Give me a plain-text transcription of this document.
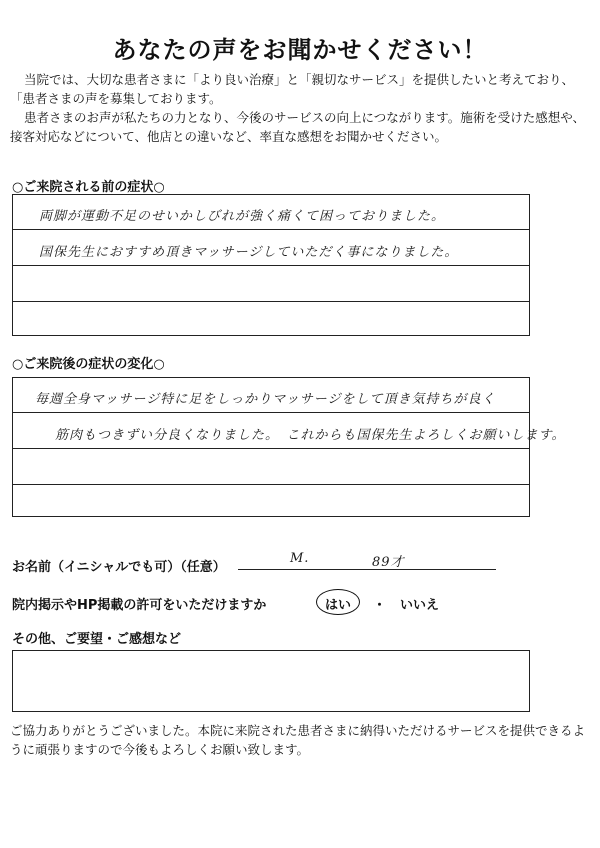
あなたの声をお聞かせください！

当院では、大切な患者さまに「より良い治療」と「親切なサービス」を提供したいと考えており、「患者さまの声を募集しております。

患者さまのお声が私たちの力となり、今後のサービスの向上につながります。施術を受けた感想や、接客対応などについて、他店との違いなど、率直な感想をお聞かせください。

○ご来院される前の症状○
両脚が運動不足のせいかしびれが強く痛くて困っておりました。
国保先生におすすめ頂きマッサージしていただく事になりました。
○ご来院後の症状の変化○
毎週全身マッサージ特に足をしっかりマッサージをして頂き気持ちが良く
筋肉もつきずい分良くなりました。　これからも国保先生よろしくお願いします。
お名前（イニシャルでも可）（任意）
M.	89才
院内掲示やHP掲載の許可をいただけますか	はい ・ いいえ
その他、ご要望・ご感想など
ご協力ありがとうございました。本院に来院された患者さまに納得いただけるサービスを提供できるように頑張りますので今後もよろしくお願い致します。
